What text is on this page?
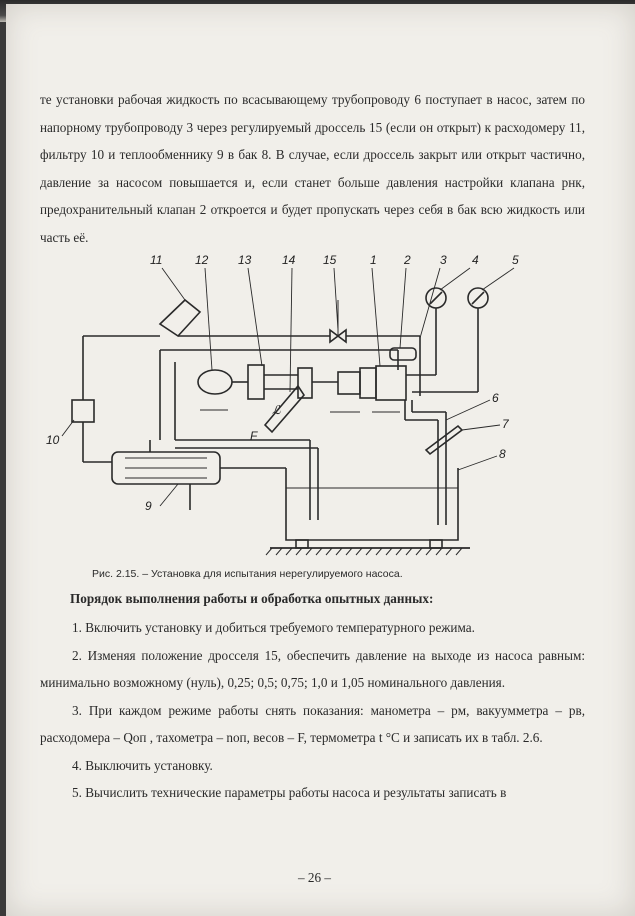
те установки рабочая жидкость по всасывающему трубопроводу 6 поступает в насос, затем по напорному трубопроводу 3 через регулируемый дроссель 15 (если он открыт) к расходомеру 11, фильтру 10 и теплообменнику 9 в бак 8. В случае, если дроссель закрыт или открыт частично, давление за насосом повышается и, если станет больше давления настройки клапана pнк, предохранительный клапан 2 откроется и будет пропускать через себя в бак всю жидкость или часть её.

11	12 13	14 15	1 2 3 4	5
6
7
8
9
10	F
ℒ
Рис. 2.15. – Установка для испытания нерегулируемого насоса.
Порядок выполнения работы и обработка опытных данных:

1. Включить установку и добиться требуемого температурного режима.

2. Изменяя положение дросселя 15, обеспечить давление на выходе из насоса равным: минимально возможному (нуль), 0,25; 0,5; 0,75; 1,0 и 1,05 номинального давления.

3. При каждом режиме работы снять показания: манометра – pм, вакуумметра – pв, расходомера – Qоп , тахометра – nоп, весов – F, термометра t °С и записать их в табл. 2.6.

4. Выключить установку.

5. Вычислить технические параметры работы насоса и результаты записать в

– 26 –
